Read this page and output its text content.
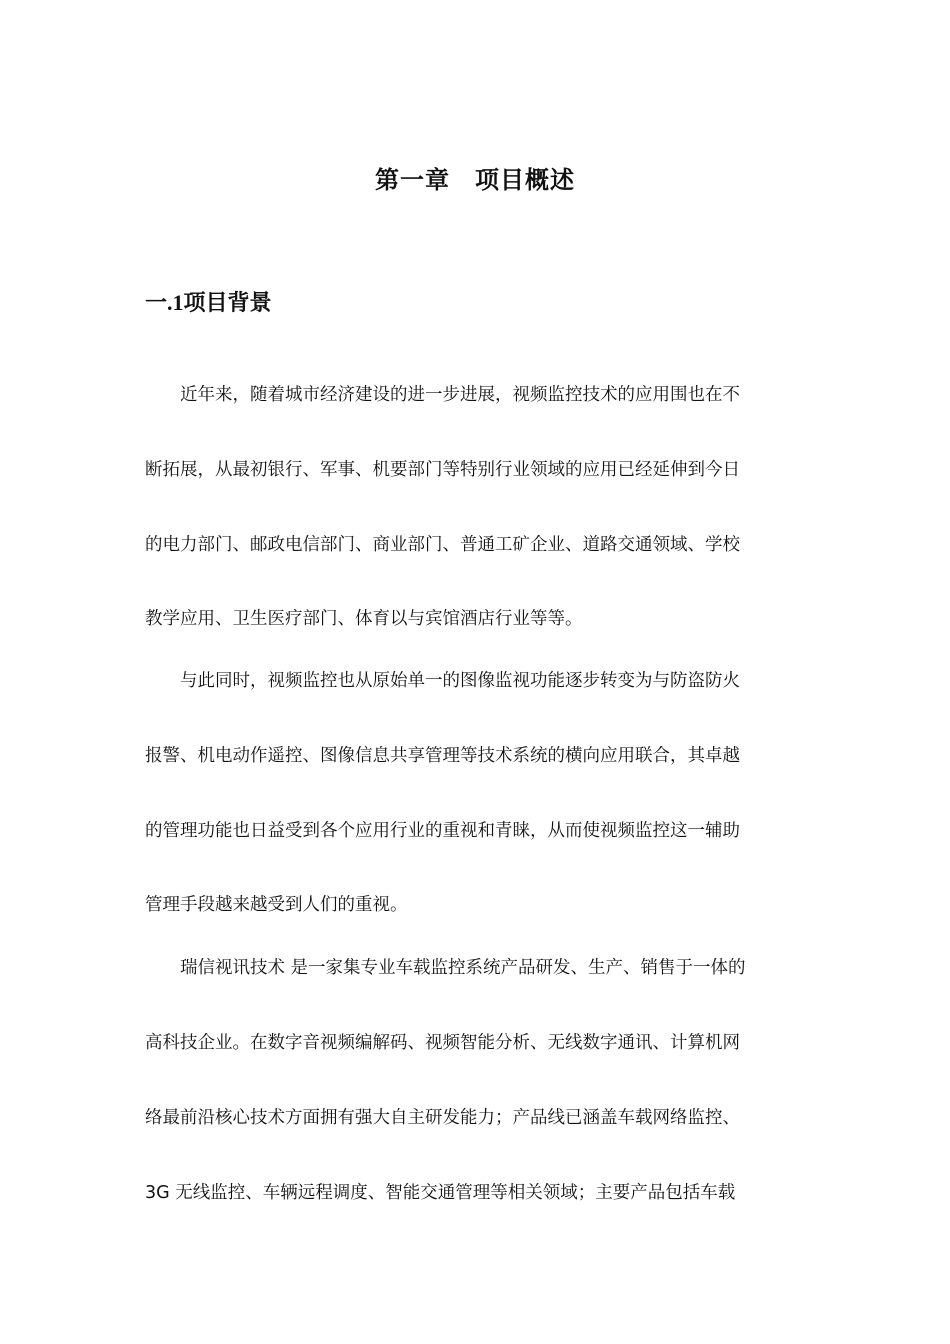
第一章　项目概述
一.1项目背景
　　近年来，随着城市经济建设的进一步进展，视频监控技术的应用围也在不
断拓展，从最初银行、军事、机要部门等特别行业领域的应用已经延伸到今日
的电力部门、邮政电信部门、商业部门、普通工矿企业、道路交通领域、学校
教学应用、卫生医疗部门、体育以与宾馆酒店行业等等。
　　与此同时，视频监控也从原始单一的图像监视功能逐步转变为与防盗防火
报警、机电动作遥控、图像信息共享管理等技术系统的横向应用联合，其卓越
的管理功能也日益受到各个应用行业的重视和青睐，从而使视频监控这一辅助
管理手段越来越受到人们的重视。
　　瑞信视讯技术 是一家集专业车载监控系统产品研发、生产、销售于一体的
高科技企业。在数字音视频编解码、视频智能分析、无线数字通讯、计算机网
络最前沿核心技术方面拥有强大自主研发能力；产品线已涵盖车载网络监控、
3G 无线监控、车辆远程调度、智能交通管理等相关领域；主要产品包括车载
